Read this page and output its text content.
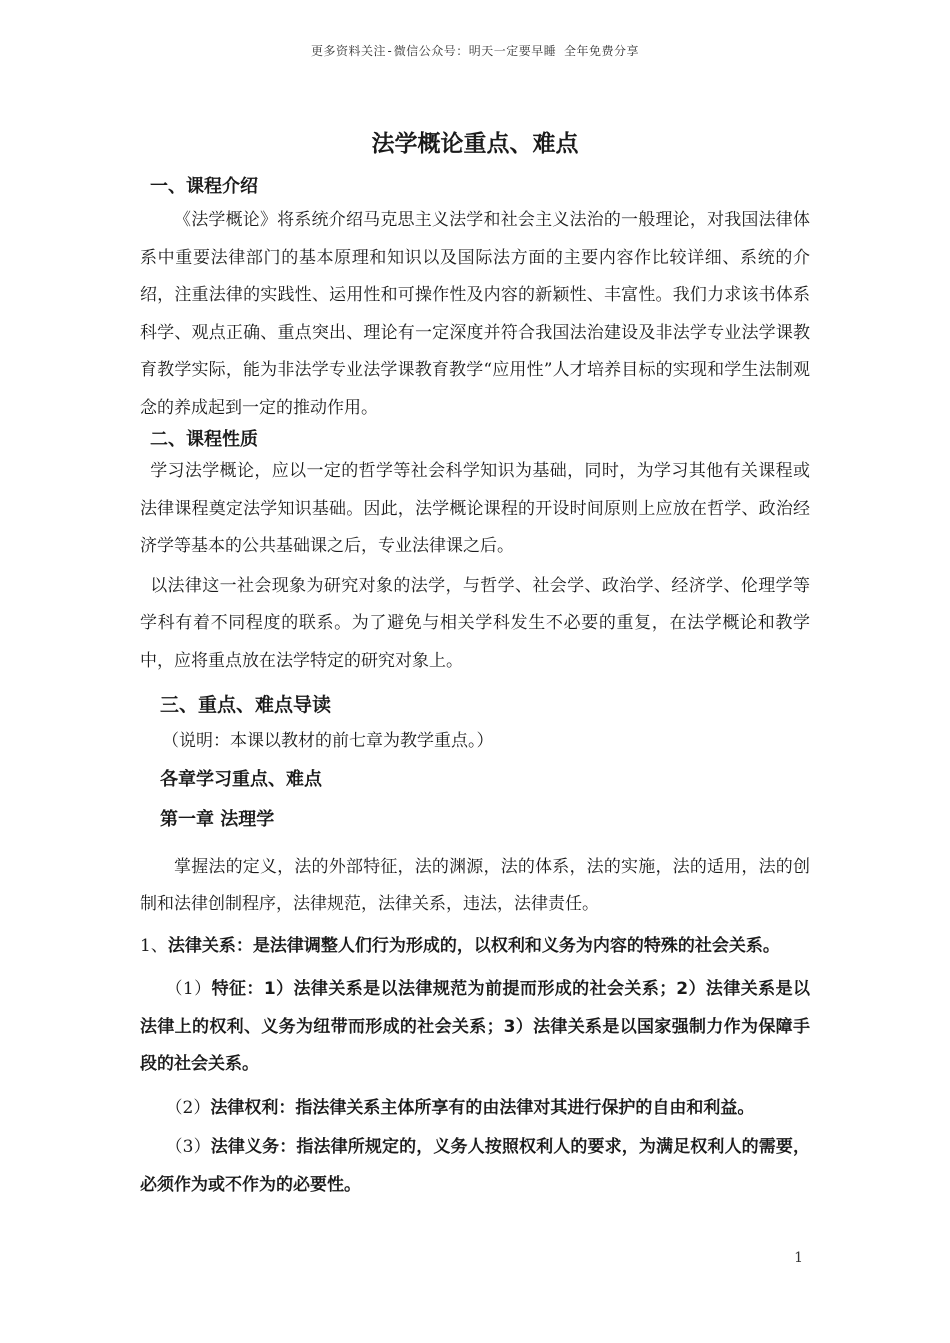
更多资料关注-微信公众号：明天一定要早睡 全年免费分享
法学概论重点、难点

一、课程介绍

《法学概论》将系统介绍马克思主义法学和社会主义法治的一般理论，对我国法律体系中重要法律部门的基本原理和知识以及国际法方面的主要内容作比较详细、系统的介绍，注重法律的实践性、运用性和可操作性及内容的新颖性、丰富性。我们力求该书体系科学、观点正确、重点突出、理论有一定深度并符合我国法治建设及非法学专业法学课教育教学实际，能为非法学专业法学课教育教学“应用性”人才培养目标的实现和学生法制观念的养成起到一定的推动作用。

二、课程性质

学习法学概论，应以一定的哲学等社会科学知识为基础，同时，为学习其他有关课程或法律课程奠定法学知识基础。因此，法学概论课程的开设时间原则上应放在哲学、政治经济学等基本的公共基础课之后，专业法律课之后。

以法律这一社会现象为研究对象的法学，与哲学、社会学、政治学、经济学、伦理学等学科有着不同程度的联系。为了避免与相关学科发生不必要的重复，在法学概论和教学中，应将重点放在法学特定的研究对象上。

三、重点、难点导读

（说明：本课以教材的前七章为教学重点。）

各章学习重点、难点

第一章 法理学

掌握法的定义，法的外部特征，法的渊源，法的体系，法的实施，法的适用，法的创制和法律创制程序，法律规范，法律关系，违法，法律责任。

1、法律关系：是法律调整人们行为形成的，以权利和义务为内容的特殊的社会关系。

（1）特征：1）法律关系是以法律规范为前提而形成的社会关系；2）法律关系是以法律上的权利、义务为纽带而形成的社会关系；3）法律关系是以国家强制力作为保障手段的社会关系。

（2）法律权利：指法律关系主体所享有的由法律对其进行保护的自由和利益。

（3）法律义务：指法律所规定的，义务人按照权利人的要求，为满足权利人的需要，必须作为或不作为的必要性。

1
